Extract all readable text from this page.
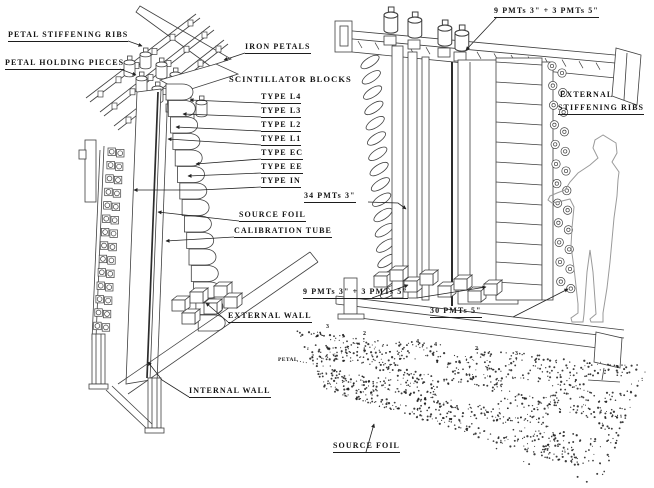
PETAL STIFFENING RIBS
PETAL HOLDING PIECES
IRON PETALS
SCINTILLATOR BLOCKS
TYPE L4
TYPE L3
TYPE L2
TYPE L1
TYPE EC
TYPE EE
TYPE IN
34 PMTs 3"
SOURCE FOIL
CALIBRATION TUBE
EXTERNAL WALL
INTERNAL WALL
9 PMTs 3" + 3 PMTs 5"
EXTERNAL
STIFFENING RIBS
9 PMTs 3" + 3 PMTs 5"
30 PMTs 5"
PETAL
SOURCE FOIL
3
2
4	4
2
3
